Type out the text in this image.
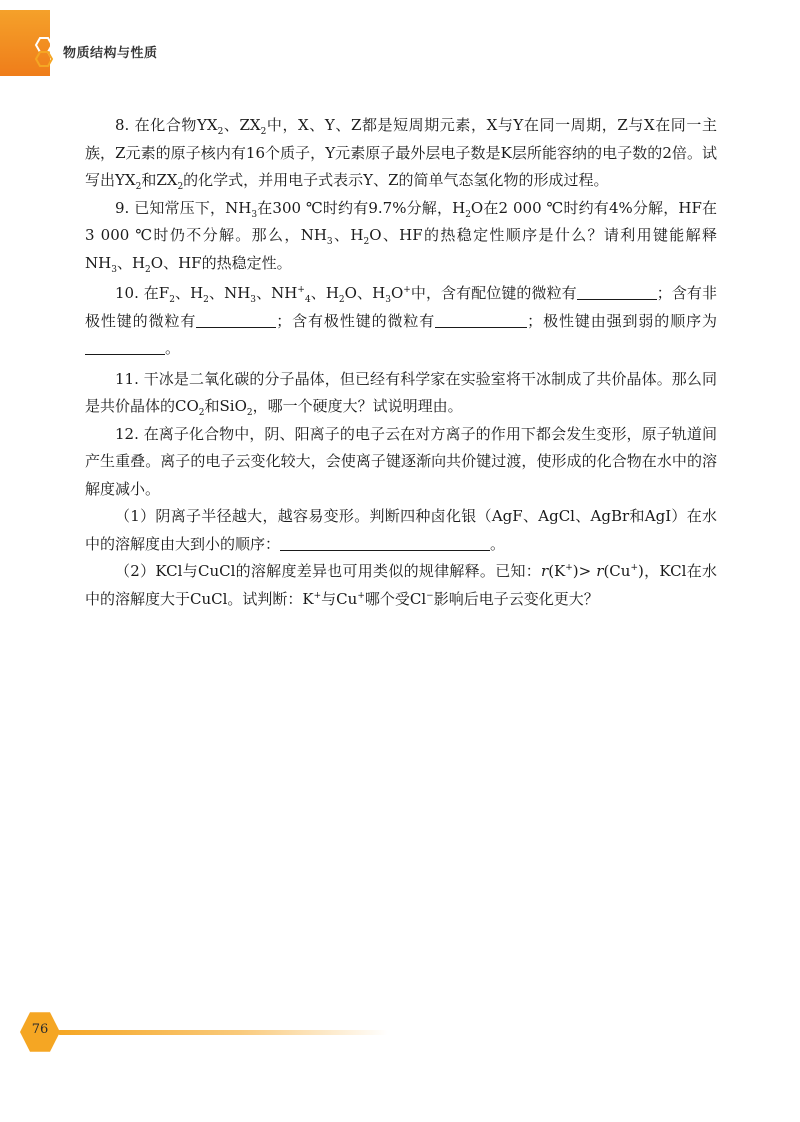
物质结构与性质

8. 在化合物$YX_2$、$ZX_2$中，X、Y、Z都是短周期元素，X与Y在同一周期，Z与X在同一主族，Z元素的原子核内有16个质子，Y元素原子最外层电子数是K层所能容纳的电子数的2倍。试写出$YX_2$和$ZX_2$的化学式，并用电子式表示Y、Z的简单气态氢化物的形成过程。

9. 已知常压下，$NH_3$在300 ℃时约有9.7%分解，$H_2O$在2 000 ℃时约有4%分解，HF在3 000 ℃时仍不分解。那么，$NH_3$、$H_2O$、HF的热稳定性顺序是什么？请利用键能解释$NH_3$、$H_2O$、HF的热稳定性。

10. 在$F_2$、$H_2$、$NH_3$、$NH^+_4$、$H_2O$、$H_3O^+$中，含有配位键的微粒有	；含有非极性键的微粒有	；含有极性键的微粒有	；极性键由强到弱的顺序为。

11. 干冰是二氧化碳的分子晶体，但已经有科学家在实验室将干冰制成了共价晶体。那么同是共价晶体的$CO_2$和SiO$_2$，哪一个硬度大？试说明理由。

12. 在离子化合物中，阴、阳离子的电子云在对方离子的作用下都会发生变形，原子轨道间产生重叠。离子的电子云变化较大，会使离子键逐渐向共价键过渡，使形成的化合物在水中的溶解度减小。

（1）阴离子半径越大，越容易变形。判断四种卤化银（AgF、AgCl、AgBr和AgI）在水中的溶解度由大到小的顺序：	。

（2）KCl与CuCl的溶解度差异也可用类似的规律解释。已知：r(K+)> r(Cu+)，KCl在水中的溶解度大于CuCl。试判断：K+与Cu+哪个受Cl−影响后电子云变化更大？

76
